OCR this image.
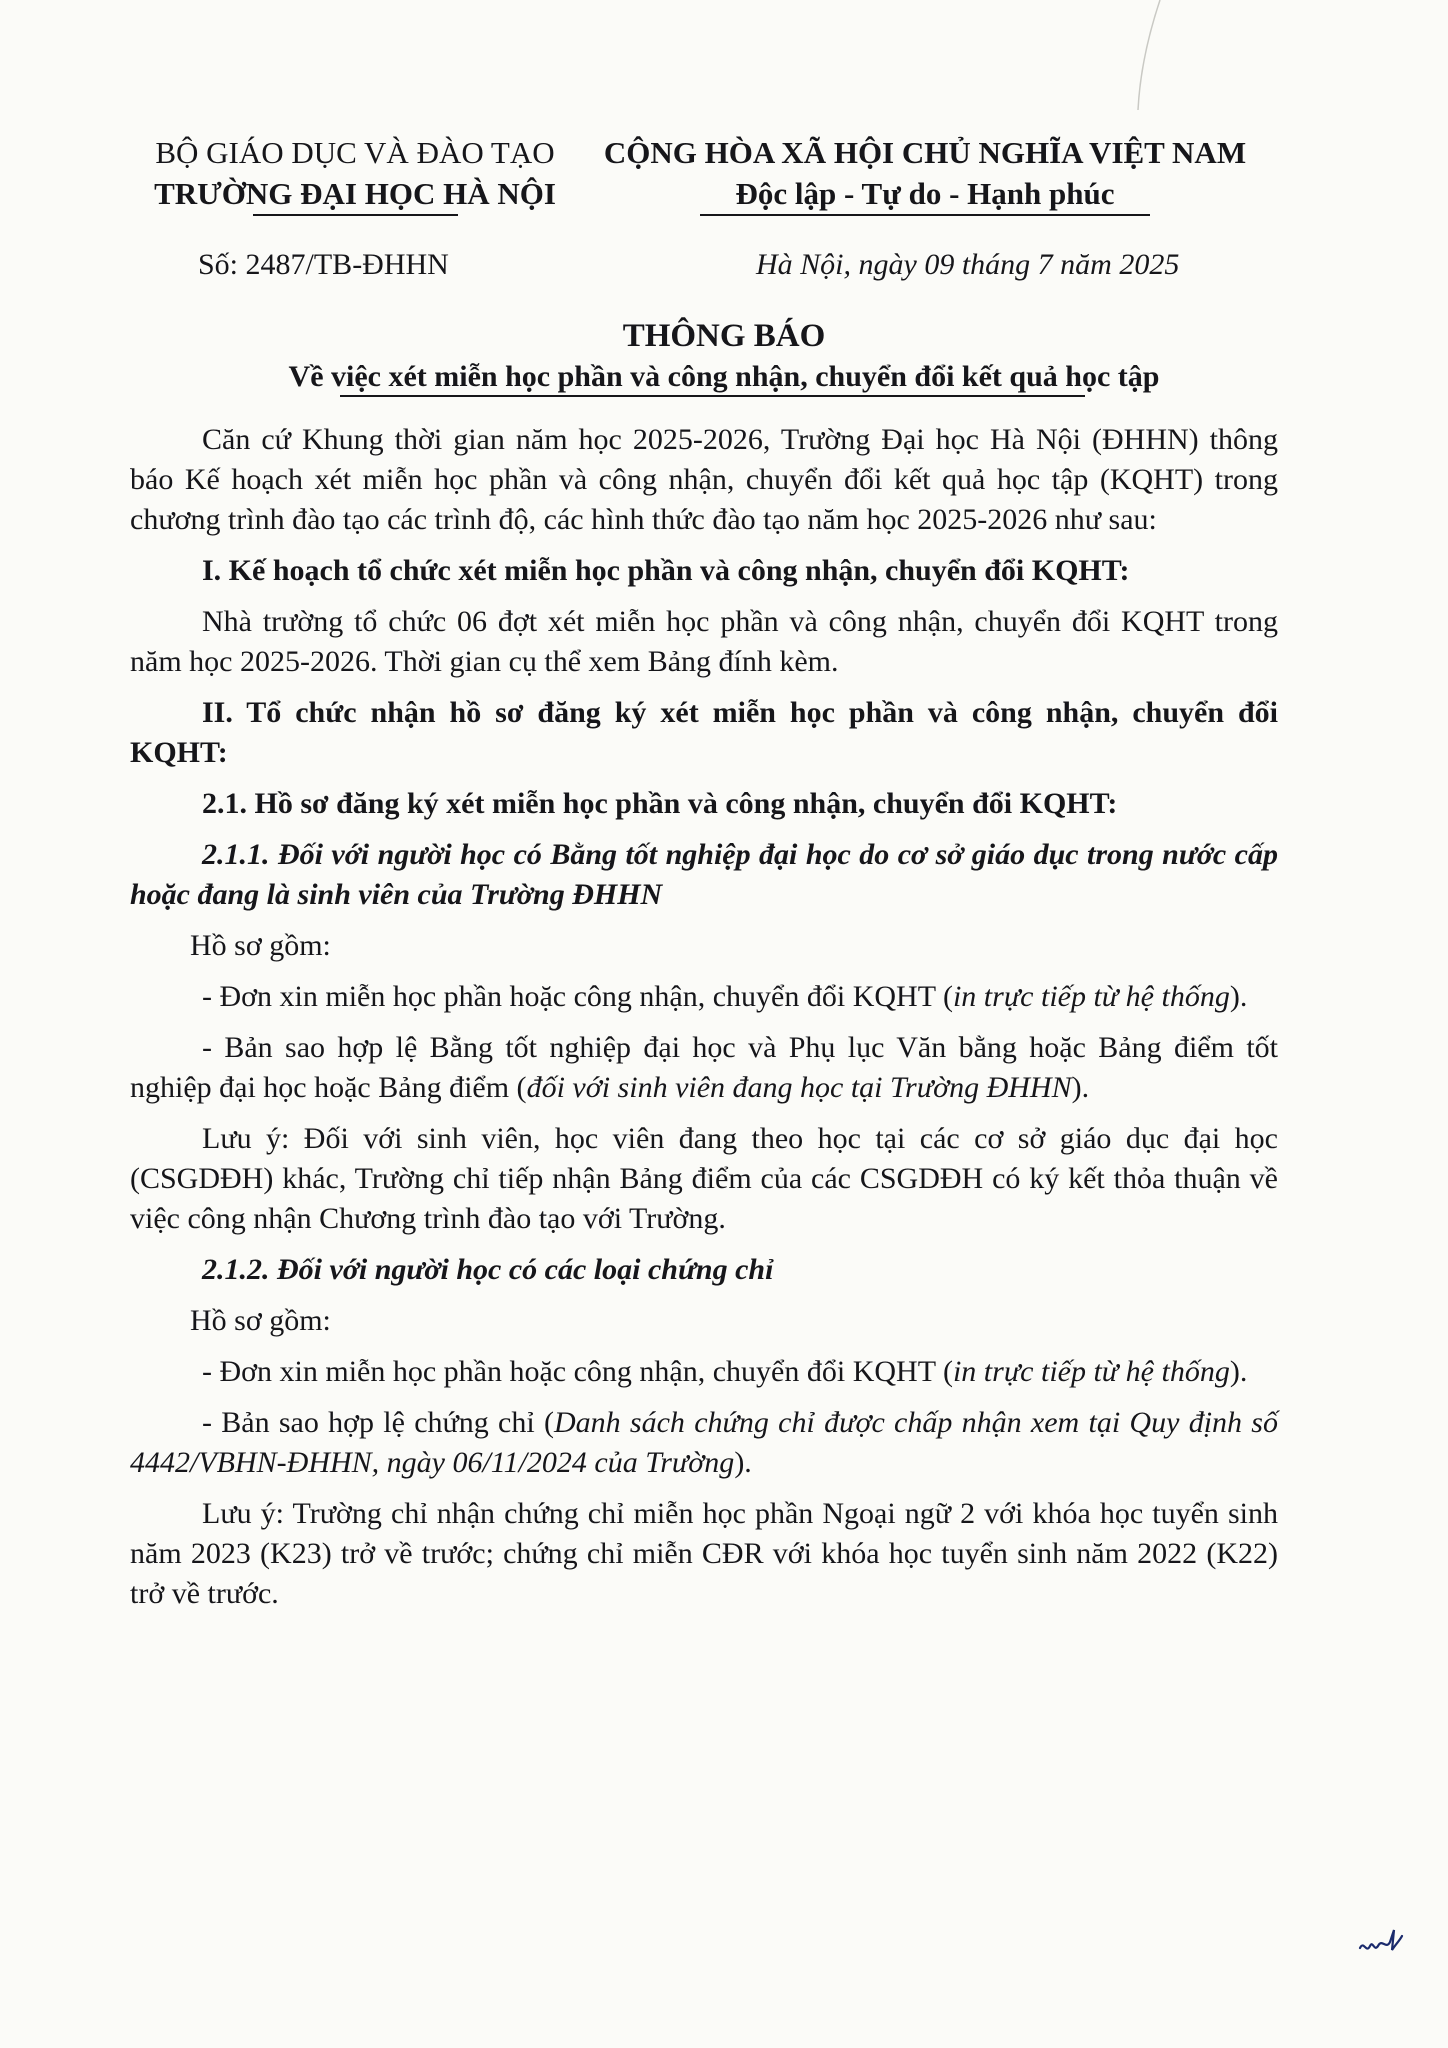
BỘ GIÁO DỤC VÀ ĐÀO TẠO
TRƯỜNG ĐẠI HỌC HÀ NỘI
CỘNG HÒA XÃ HỘI CHỦ NGHĨA VIỆT NAM
Độc lập - Tự do - Hạnh phúc
Số: 2487/TB-ĐHHN	Hà Nội, ngày 09 tháng 7 năm 2025
THÔNG BÁO
Về việc xét miễn học phần và công nhận, chuyển đổi kết quả học tập

Căn cứ Khung thời gian năm học 2025-2026, Trường Đại học Hà Nội (ĐHHN) thông báo Kế hoạch xét miễn học phần và công nhận, chuyển đổi kết quả học tập (KQHT) trong chương trình đào tạo các trình độ, các hình thức đào tạo năm học 2025-2026 như sau:

I. Kế hoạch tổ chức xét miễn học phần và công nhận, chuyển đổi KQHT:

Nhà trường tổ chức 06 đợt xét miễn học phần và công nhận, chuyển đổi KQHT trong năm học 2025-2026. Thời gian cụ thể xem Bảng đính kèm.

II. Tổ chức nhận hồ sơ đăng ký xét miễn học phần và công nhận, chuyển đổi KQHT:

2.1. Hồ sơ đăng ký xét miễn học phần và công nhận, chuyển đổi KQHT:

2.1.1. Đối với người học có Bằng tốt nghiệp đại học do cơ sở giáo dục trong nước cấp hoặc đang là sinh viên của Trường ĐHHN

Hồ sơ gồm:

- Đơn xin miễn học phần hoặc công nhận, chuyển đổi KQHT (in trực tiếp từ hệ thống).

- Bản sao hợp lệ Bằng tốt nghiệp đại học và Phụ lục Văn bằng hoặc Bảng điểm tốt nghiệp đại học hoặc Bảng điểm (đối với sinh viên đang học tại Trường ĐHHN).

Lưu ý: Đối với sinh viên, học viên đang theo học tại các cơ sở giáo dục đại học (CSGDĐH) khác, Trường chỉ tiếp nhận Bảng điểm của các CSGDĐH có ký kết thỏa thuận về việc công nhận Chương trình đào tạo với Trường.

2.1.2. Đối với người học có các loại chứng chỉ

Hồ sơ gồm:

- Đơn xin miễn học phần hoặc công nhận, chuyển đổi KQHT (in trực tiếp từ hệ thống).

- Bản sao hợp lệ chứng chỉ (Danh sách chứng chỉ được chấp nhận xem tại Quy định số 4442/VBHN-ĐHHN, ngày 06/11/2024 của Trường).

Lưu ý: Trường chỉ nhận chứng chỉ miễn học phần Ngoại ngữ 2 với khóa học tuyển sinh năm 2023 (K23) trở về trước; chứng chỉ miễn CĐR với khóa học tuyển sinh năm 2022 (K22) trở về trước.
